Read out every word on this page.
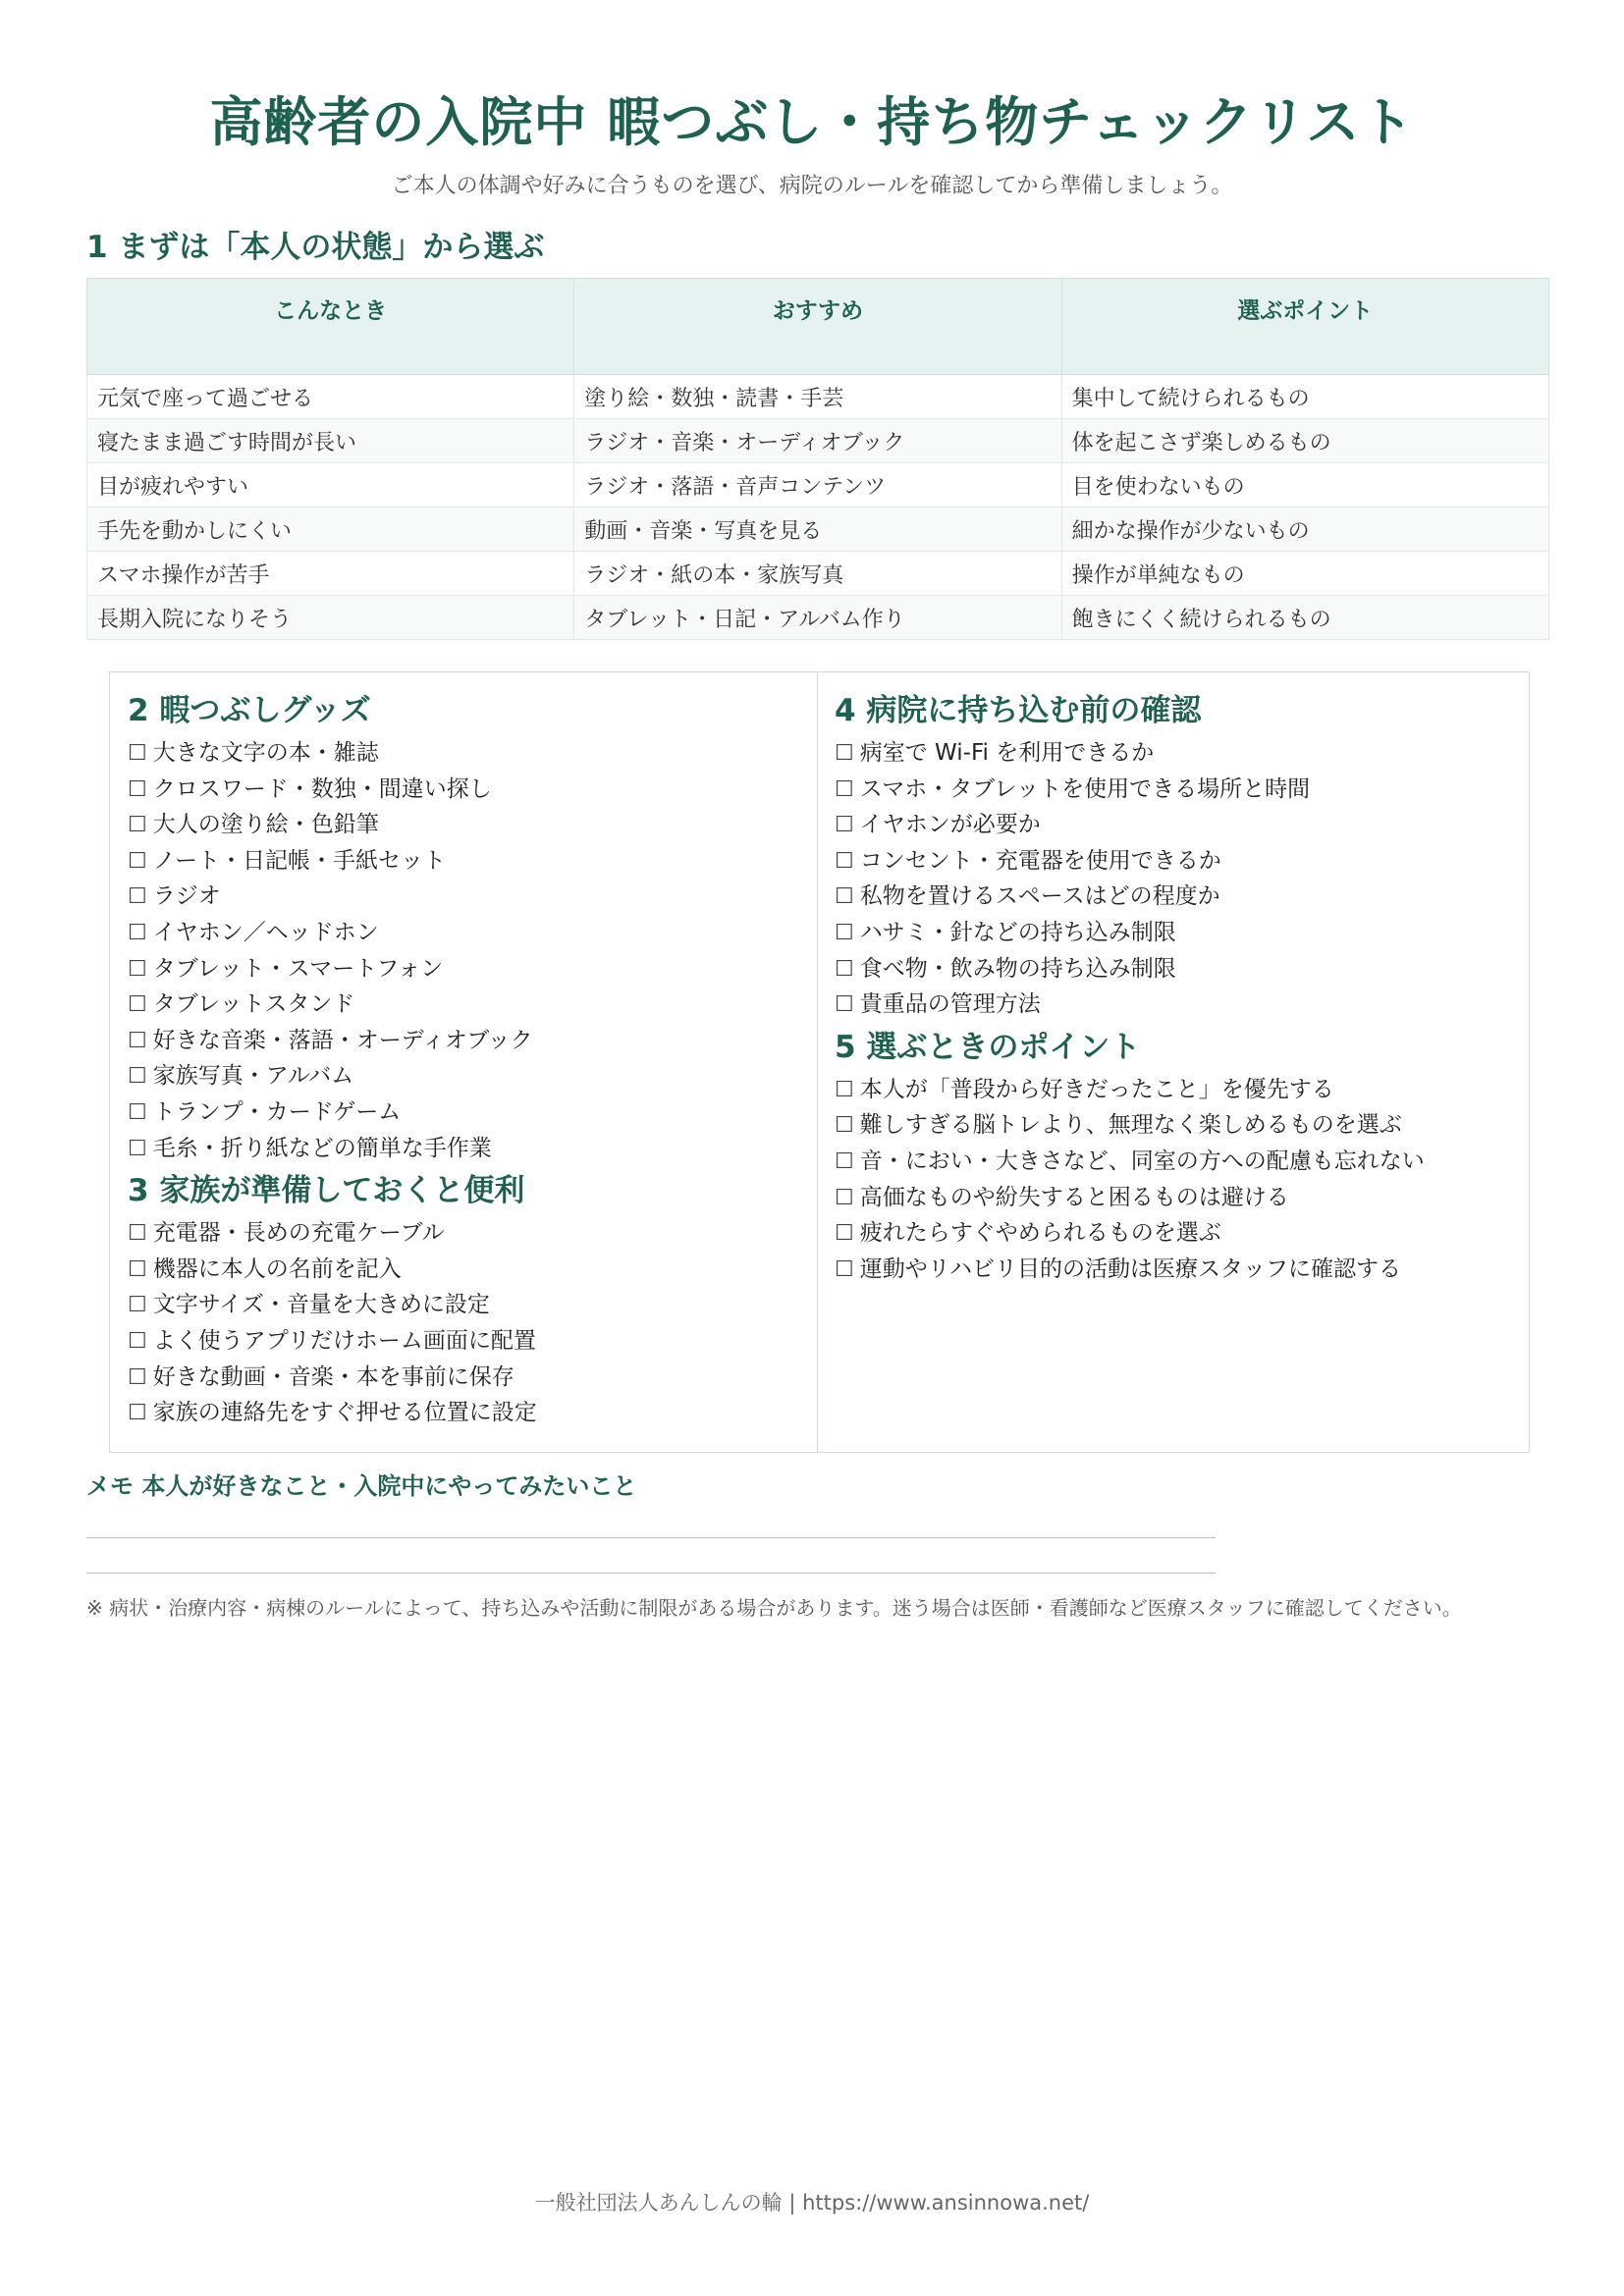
高齢者の入院中 暇つぶし・持ち物チェックリスト
ご本人の体調や好みに合うものを選び、病院のルールを確認してから準備しましょう。
1 まずは「本人の状態」から選ぶ
こんなとき	おすすめ	選ぶポイント
元気で座って過ごせる	塗り絵・数独・読書・手芸	集中して続けられるもの
寝たまま過ごす時間が長い	ラジオ・音楽・オーディオブック	体を起こさず楽しめるもの
目が疲れやすい	ラジオ・落語・音声コンテンツ	目を使わないもの
手先を動かしにくい	動画・音楽・写真を見る	細かな操作が少ないもの
スマホ操作が苦手	ラジオ・紙の本・家族写真	操作が単純なもの
長期入院になりそう	タブレット・日記・アルバム作り	飽きにくく続けられるもの
2 暇つぶしグッズ
☐ 大きな文字の本・雑誌
☐ クロスワード・数独・間違い探し
☐ 大人の塗り絵・色鉛筆
☐ ノート・日記帳・手紙セット
☐ ラジオ
☐ イヤホン／ヘッドホン
☐ タブレット・スマートフォン
☐ タブレットスタンド
☐ 好きな音楽・落語・オーディオブック
☐ 家族写真・アルバム
☐ トランプ・カードゲーム
☐ 毛糸・折り紙などの簡単な手作業
3 家族が準備しておくと便利
☐ 充電器・長めの充電ケーブル
☐ 機器に本人の名前を記入
☐ 文字サイズ・音量を大きめに設定
☐ よく使うアプリだけホーム画面に配置
☐ 好きな動画・音楽・本を事前に保存
☐ 家族の連絡先をすぐ押せる位置に設定
4 病院に持ち込む前の確認
☐ 病室で Wi-Fi を利用できるか
☐ スマホ・タブレットを使用できる場所と時間
☐ イヤホンが必要か
☐ コンセント・充電器を使用できるか
☐ 私物を置けるスペースはどの程度か
☐ ハサミ・針などの持ち込み制限
☐ 食べ物・飲み物の持ち込み制限
☐ 貴重品の管理方法
5 選ぶときのポイント
☐ 本人が「普段から好きだったこと」を優先する
☐ 難しすぎる脳トレより、無理なく楽しめるものを選ぶ
☐ 音・におい・大きさなど、同室の方への配慮も忘れない
☐ 高価なものや紛失すると困るものは避ける
☐ 疲れたらすぐやめられるものを選ぶ
☐ 運動やリハビリ目的の活動は医療スタッフに確認する
メモ 本人が好きなこと・入院中にやってみたいこと
※ 病状・治療内容・病棟のルールによって、持ち込みや活動に制限がある場合があります。迷う場合は医師・看護師など医療スタッフに確認してください。
一般社団法人あんしんの輪 | https://www.ansinnowa.net/
